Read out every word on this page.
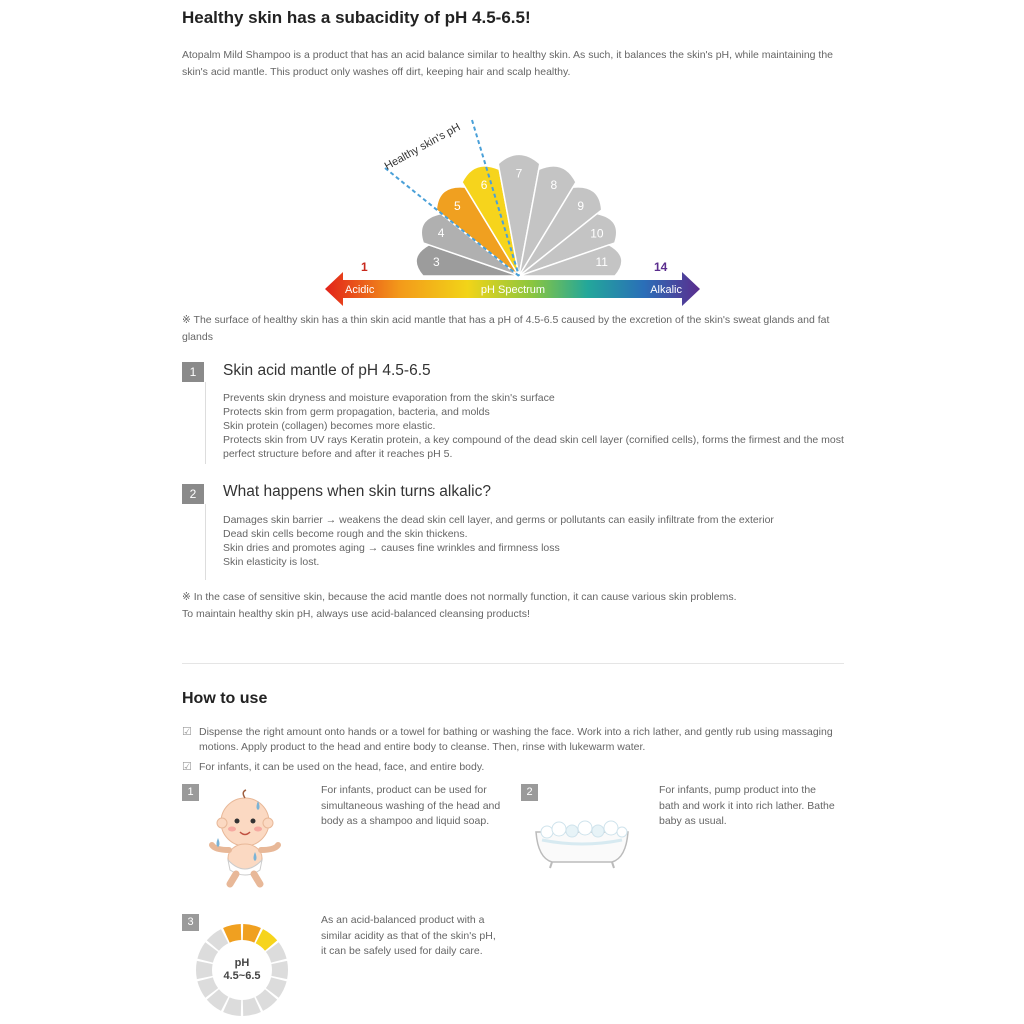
Healthy skin has a subacidity of pH 4.5-6.5!
Atopalm Mild Shampoo is a product that has an acid balance similar to healthy skin. As such, it balances the skin's pH, while maintaining the skin's acid mantle. This product only washes off dirt, keeping hair and scalp healthy.
3
4
5
6
7
8
9
10
11
Healthy skin's pH
1	14
Acidic	pH Spectrum	Alkalic
※ The surface of healthy skin has a thin skin acid mantle that has a pH of 4.5-6.5 caused by the excretion of the skin's sweat glands and fat glands
1	Skin acid mantle of pH 4.5-6.5
Prevents skin dryness and moisture evaporation from the skin's surface
Protects skin from germ propagation, bacteria, and molds
Skin protein (collagen) becomes more elastic.
Protects skin from UV rays Keratin protein, a key compound of the dead skin cell layer (cornified cells), forms the firmest and the most perfect structure before and after it reaches pH 5.
2	What happens when skin turns alkalic?
Damages skin barrier → weakens the dead skin cell layer, and germs or pollutants can easily infiltrate from the exterior
Dead skin cells become rough and the skin thickens.
Skin dries and promotes aging → causes fine wrinkles and firmness loss
Skin elasticity is lost.
※ In the case of sensitive skin, because the acid mantle does not normally function, it can cause various skin problems.
To maintain healthy skin pH, always use acid-balanced cleansing products!
How to use
☑ Dispense the right amount onto hands or a towel for bathing or washing the face. Work into a rich lather, and gently rub using massaging motions. Apply product to the head and entire body to cleanse. Then, rinse with lukewarm water.
☑ For infants, it can be used on the head, face, and entire body.
1	For infants, product can be used for simultaneous washing of the head and body as a shampoo and liquid soap.
2	For infants, pump product into the bath and work it into rich lather. Bathe baby as usual.
3
pH
4.5~6.5
As an acid-balanced product with a similar acidity as that of the skin's pH, it can be safely used for daily care.
